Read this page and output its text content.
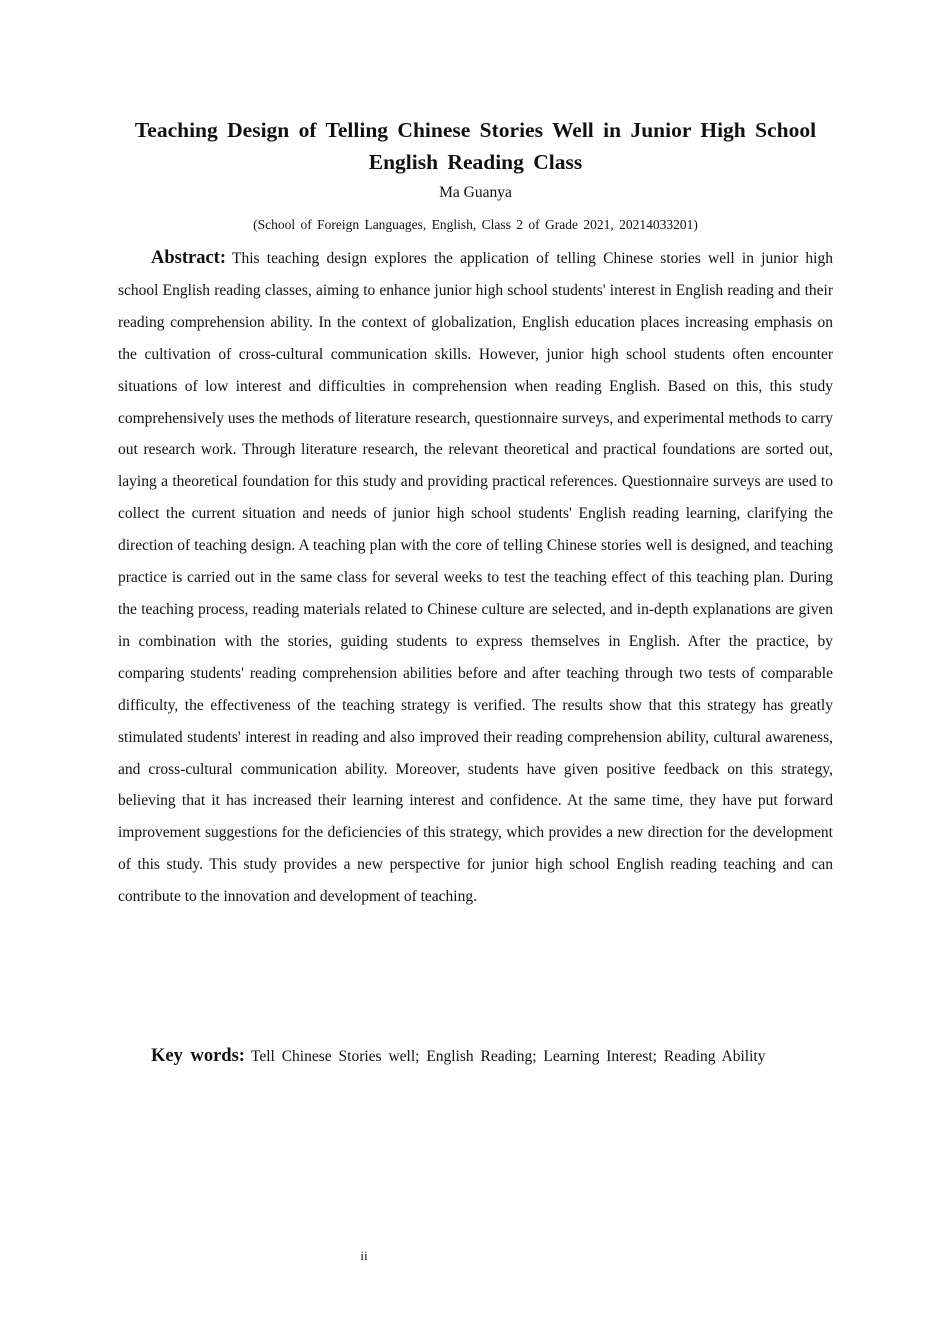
Teaching Design of Telling Chinese Stories Well in Junior High School English Reading Class
Ma Guanya
(School of Foreign Languages, English, Class 2 of Grade 2021, 20214033201)

Abstract: This teaching design explores the application of telling Chinese stories well in junior high school English reading classes, aiming to enhance junior high school students' interest in English reading and their reading comprehension ability. In the context of globalization, English education places increasing emphasis on the cultivation of cross-cultural communication skills. However, junior high school students often encounter situations of low interest and difficulties in comprehension when reading English. Based on this, this study comprehensively uses the methods of literature research, questionnaire surveys, and experimental methods to carry out research work. Through literature research, the relevant theoretical and practical foundations are sorted out, laying a theoretical foundation for this study and providing practical references. Questionnaire surveys are used to collect the current situation and needs of junior high school students' English reading learning, clarifying the direction of teaching design. A teaching plan with the core of telling Chinese stories well is designed, and teaching practice is carried out in the same class for several weeks to test the teaching effect of this teaching plan. During the teaching process, reading materials related to Chinese culture are selected, and in-depth explanations are given in combination with the stories, guiding students to express themselves in English. After the practice, by comparing students' reading comprehension abilities before and after teaching through two tests of comparable difficulty, the effectiveness of the teaching strategy is verified. The results show that this strategy has greatly stimulated students' interest in reading and also improved their reading comprehension ability, cultural awareness, and cross-cultural communication ability. Moreover, students have given positive feedback on this strategy, believing that it has increased their learning interest and confidence. At the same time, they have put forward improvement suggestions for the deficiencies of this strategy, which provides a new direction for the development of this study. This study provides a new perspective for junior high school English reading teaching and can contribute to the innovation and development of teaching.

Key words: Tell Chinese Stories well; English Reading; Learning Interest; Reading Ability

ii
